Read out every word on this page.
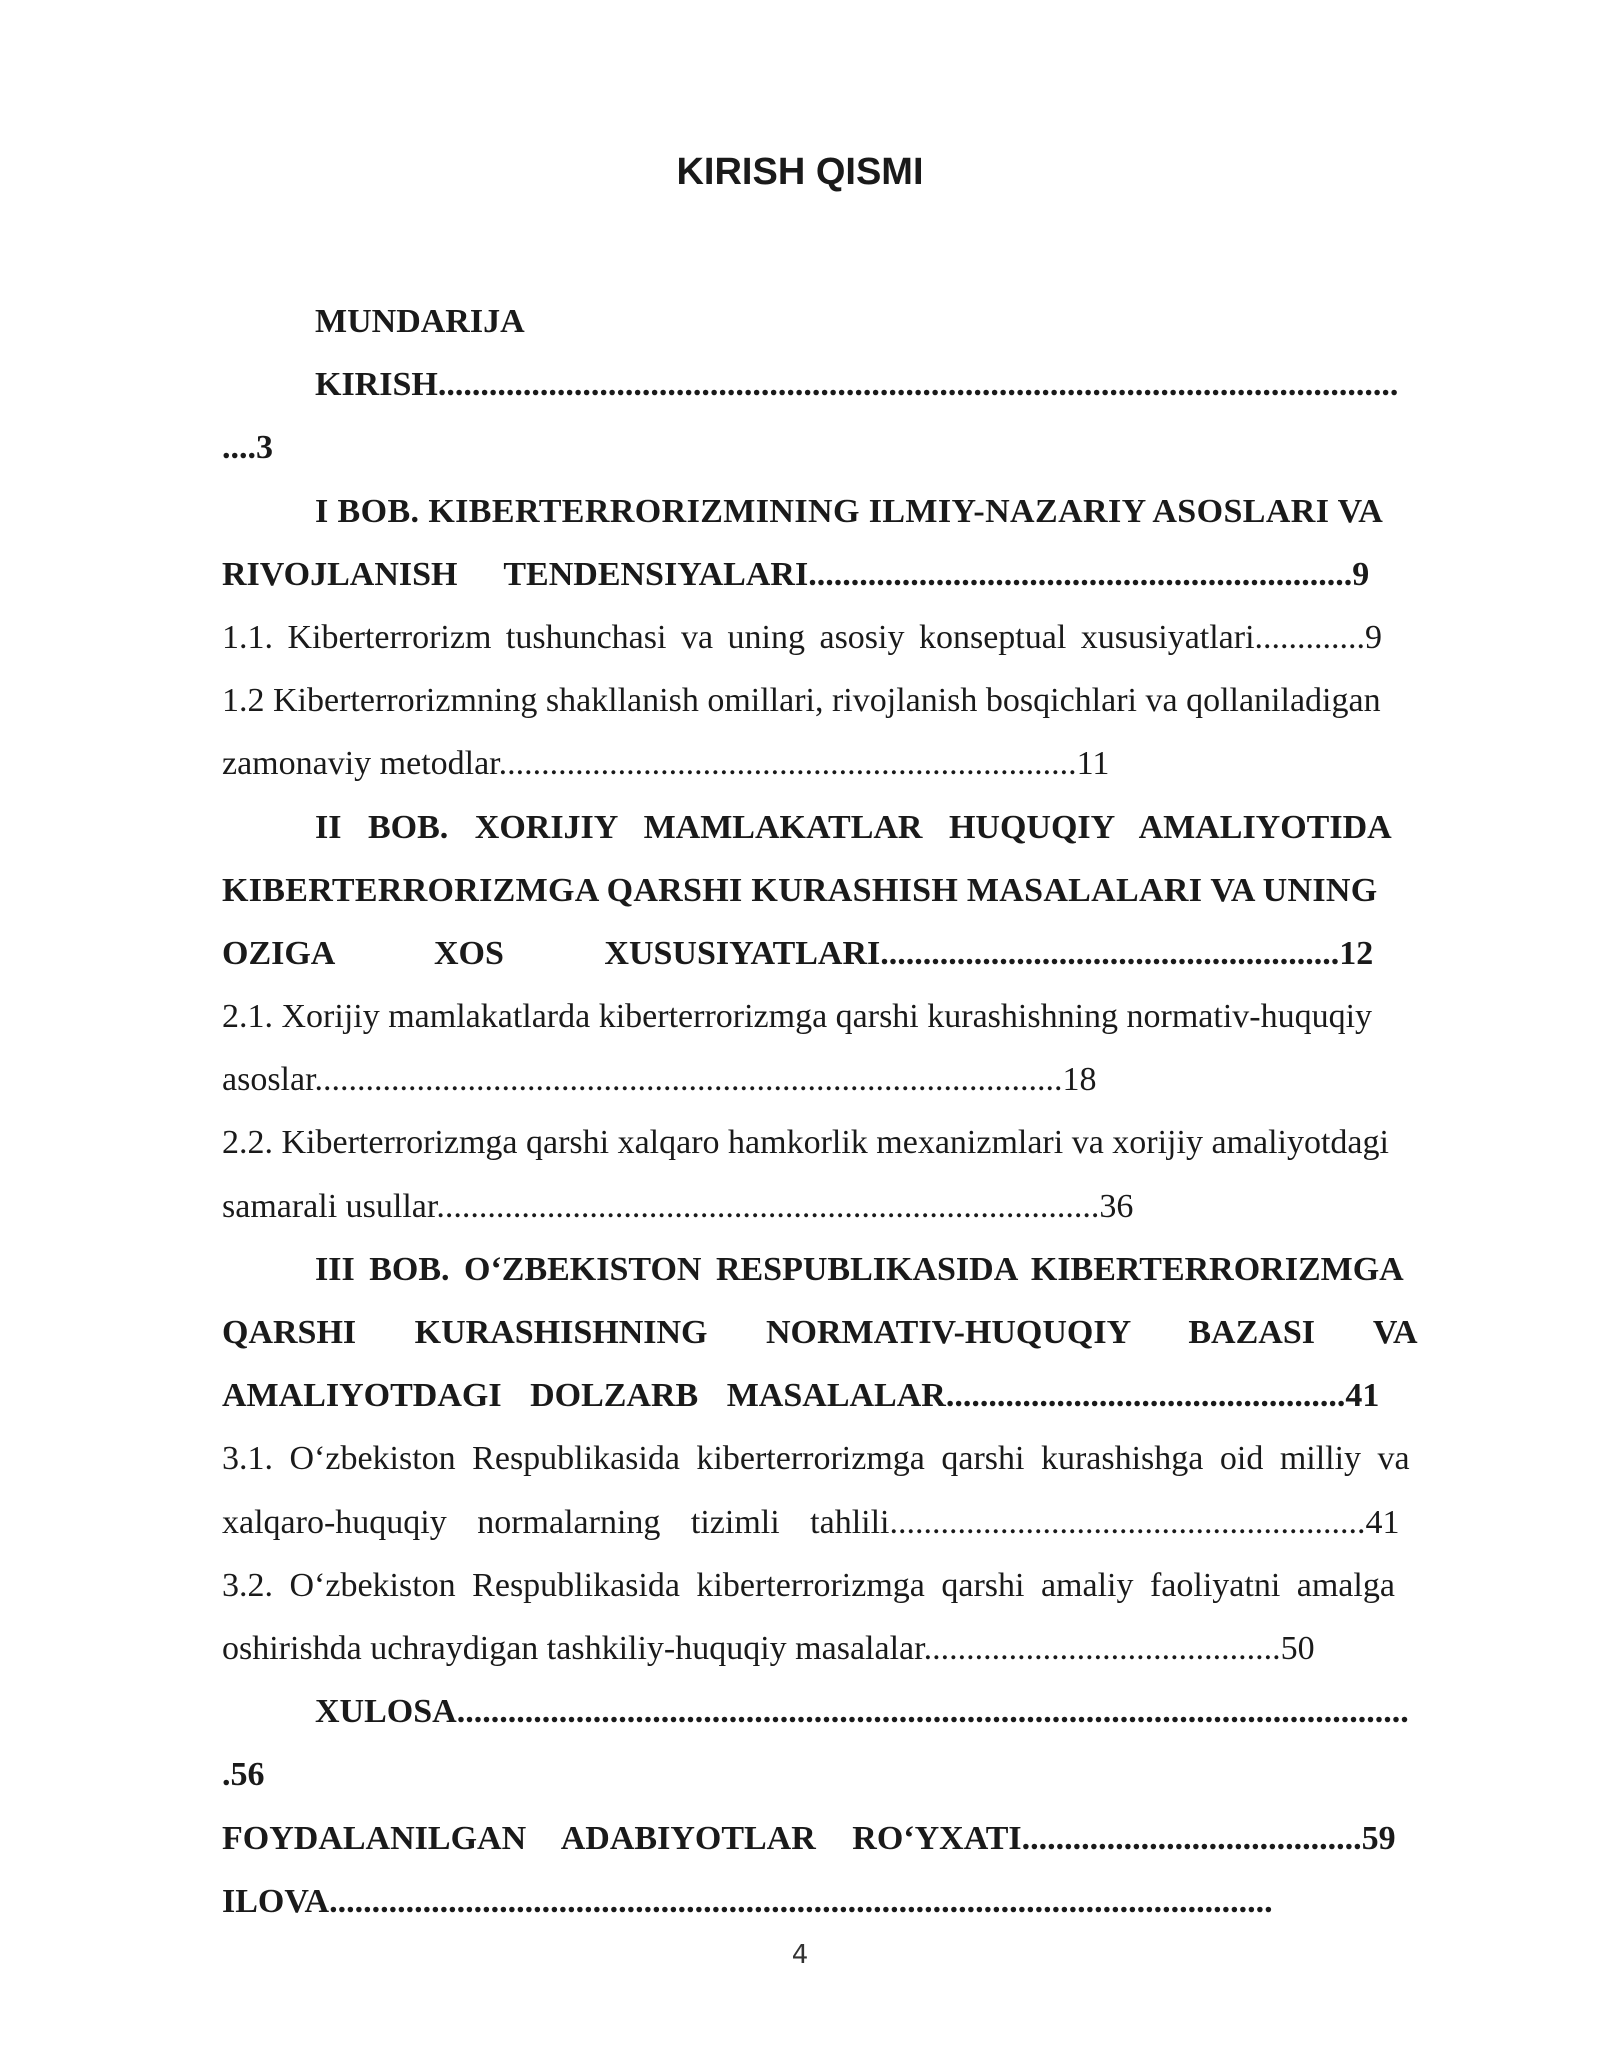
KIRISH QISMI
MUNDARIJA
KIRISH.................................................................................................................
....3
I BOB. KIBERTERRORIZMINING ILMIY-NAZARIY ASOSLARI VA
RIVOJLANISH TENDENSIYALARI................................................................9
1.1. Kiberterrorizm tushunchasi va uning asosiy konseptual xususiyatlari.............9
1.2 Kiberterrorizmning shakllanish omillari, rivojlanish bosqichlari va qollaniladigan
zamonaviy metodlar....................................................................11
II BOB. XORIJIY MAMLAKATLAR HUQUQIY AMALIYOTIDA
KIBERTERRORIZMGA QARSHI KURASHISH MASALALARI VA UNING
OZIGA XOS XUSUSIYATLARI......................................................12
2.1. Xorijiy mamlakatlarda kiberterrorizmga qarshi kurashishning normativ-huquqiy
asoslar........................................................................................18
2.2. Kiberterrorizmga qarshi xalqaro hamkorlik mexanizmlari va xorijiy amaliyotdagi
samarali usullar..............................................................................36
III BOB. O‘ZBEKISTON RESPUBLIKASIDA KIBERTERRORIZMGA
QARSHI KURASHISHNING NORMATIV-HUQUQIY BAZASI VA
AMALIYOTDAGI DOLZARB MASALALAR...............................................41
3.1. O‘zbekiston Respublikasida kiberterrorizmga qarshi kurashishga oid milliy va
xalqaro-huquqiy normalarning tizimli tahlili........................................................41
3.2. O‘zbekiston Respublikasida kiberterrorizmga qarshi amaliy faoliyatni amalga
oshirishda uchraydigan tashkiliy-huquqiy masalalar..........................................50
XULOSA................................................................................................................
.56
FOYDALANILGAN ADABIYOTLAR RO‘YXATI........................................59
ILOVA...............................................................................................................
4
